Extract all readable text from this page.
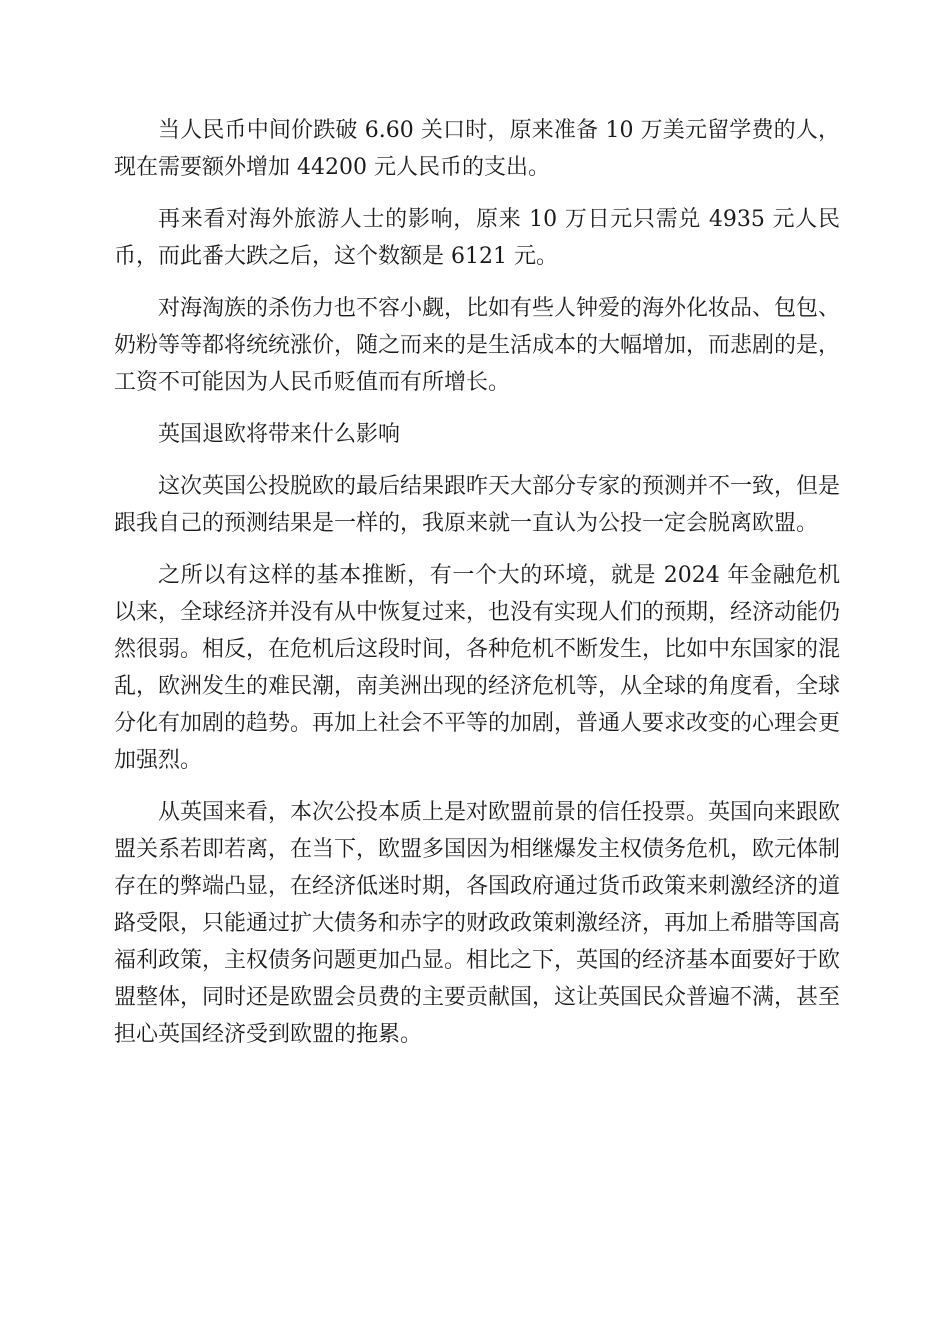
当人民币中间价跌破 6.60 关口时，原来准备 10 万美元留学费的人，现在需要额外增加 44200 元人民币的支出。

再来看对海外旅游人士的影响，原来 10 万日元只需兑 4935 元人民币，而此番大跌之后，这个数额是 6121 元。

对海淘族的杀伤力也不容小觑，比如有些人钟爱的海外化妆品、包包、奶粉等等都将统统涨价，随之而来的是生活成本的大幅增加，而悲剧的是，工资不可能因为人民币贬值而有所增长。

英国退欧将带来什么影响

这次英国公投脱欧的最后结果跟昨天大部分专家的预测并不一致，但是跟我自己的预测结果是一样的，我原来就一直认为公投一定会脱离欧盟。

之所以有这样的基本推断，有一个大的环境，就是 2024 年金融危机以来，全球经济并没有从中恢复过来，也没有实现人们的预期，经济动能仍然很弱。相反，在危机后这段时间，各种危机不断发生，比如中东国家的混乱，欧洲发生的难民潮，南美洲出现的经济危机等，从全球的角度看，全球分化有加剧的趋势。再加上社会不平等的加剧，普通人要求改变的心理会更加强烈。

从英国来看，本次公投本质上是对欧盟前景的信任投票。英国向来跟欧盟关系若即若离，在当下，欧盟多国因为相继爆发主权债务危机，欧元体制存在的弊端凸显，在经济低迷时期，各国政府通过货币政策来刺激经济的道路受限，只能通过扩大债务和赤字的财政政策刺激经济，再加上希腊等国高福利政策，主权债务问题更加凸显。相比之下，英国的经济基本面要好于欧盟整体，同时还是欧盟会员费的主要贡献国，这让英国民众普遍不满，甚至担心英国经济受到欧盟的拖累。
